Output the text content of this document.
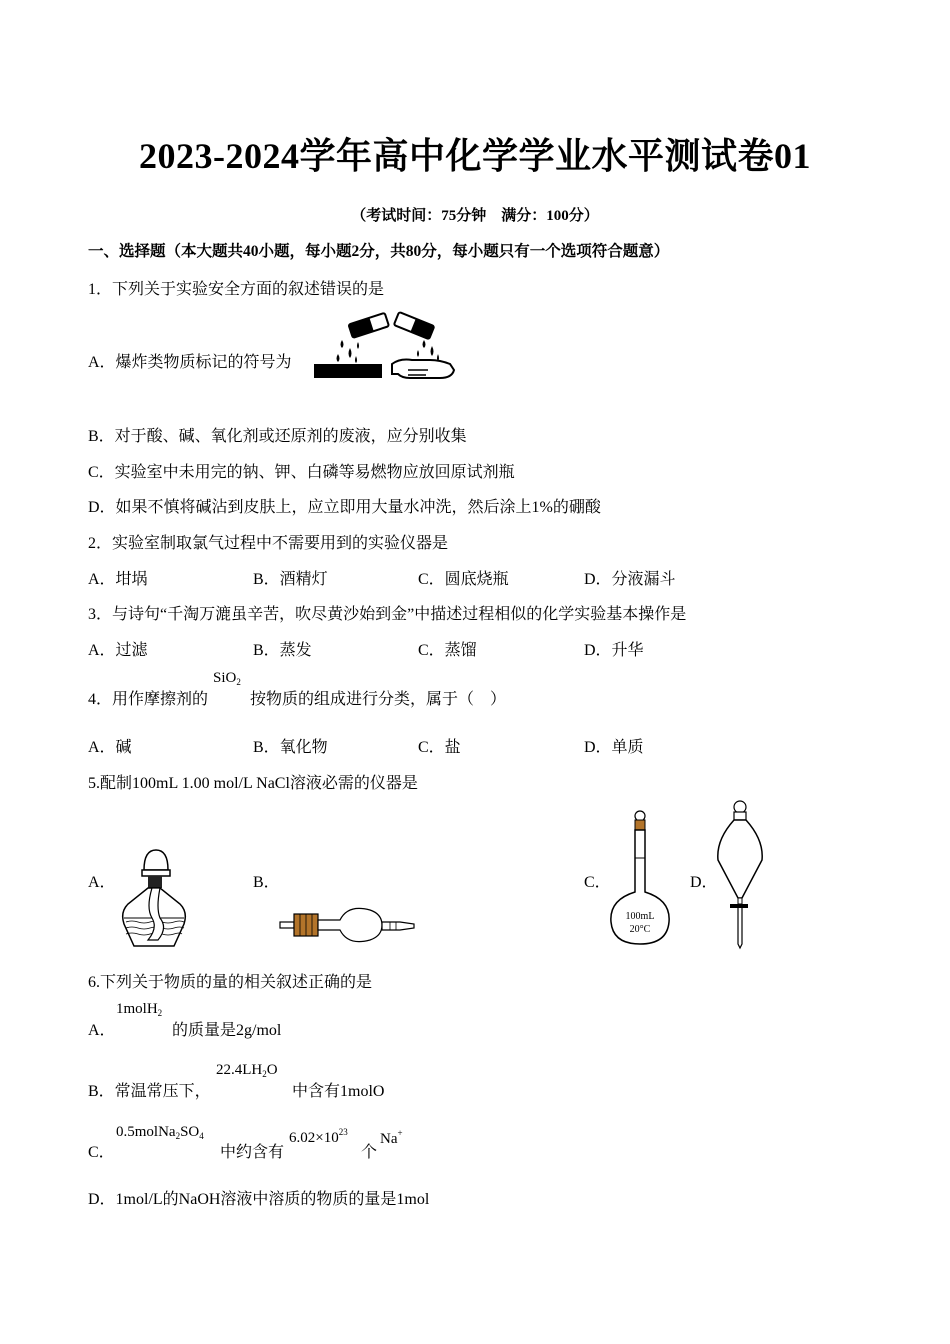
2023-2024学年高中化学学业水平测试卷01
（考试时间：75分钟　满分：100分）
一、选择题（本大题共40小题，每小题2分，共80分，每小题只有一个选项符合题意）
1．下列关于实验安全方面的叙述错误的是
A．爆炸类物质标记的符号为
B．对于酸、碱、氧化剂或还原剂的废液，应分别收集
C．实验室中未用完的钠、钾、白磷等易燃物应放回原试剂瓶
D．如果不慎将碱沾到皮肤上，应立即用大量水冲洗，然后涂上1%的硼酸
2．实验室制取氯气过程中不需要用到的实验仪器是
A．坩埚	B．酒精灯	C．圆底烧瓶	D．分液漏斗
3．与诗句“千淘万漉虽辛苦，吹尽黄沙始到金”中描述过程相似的化学实验基本操作是
A．过滤	B．蒸发	C．蒸馏	D．升华
4．用作摩擦剂的
SiO$_2$
按物质的组成进行分类，属于（　）
A．碱	B．氧化物	C．盐	D．单质
5.配制100mL 1.00 mol/L NaCl溶液必需的仪器是
A．	B．	C．	D．
100mL
20°C
6.下列关于物质的量的相关叙述正确的是
A．
1molH$_2$
的质量是2g/mol
B．常温常压下，
$22.4LH_2O$
中含有1molO
C．
$0.5molNa_2SO_4$
中约含有
$6.02\times 10^{23}$
个
Na+
D．1mol/L的NaOH溶液中溶质的物质的量是1mol
